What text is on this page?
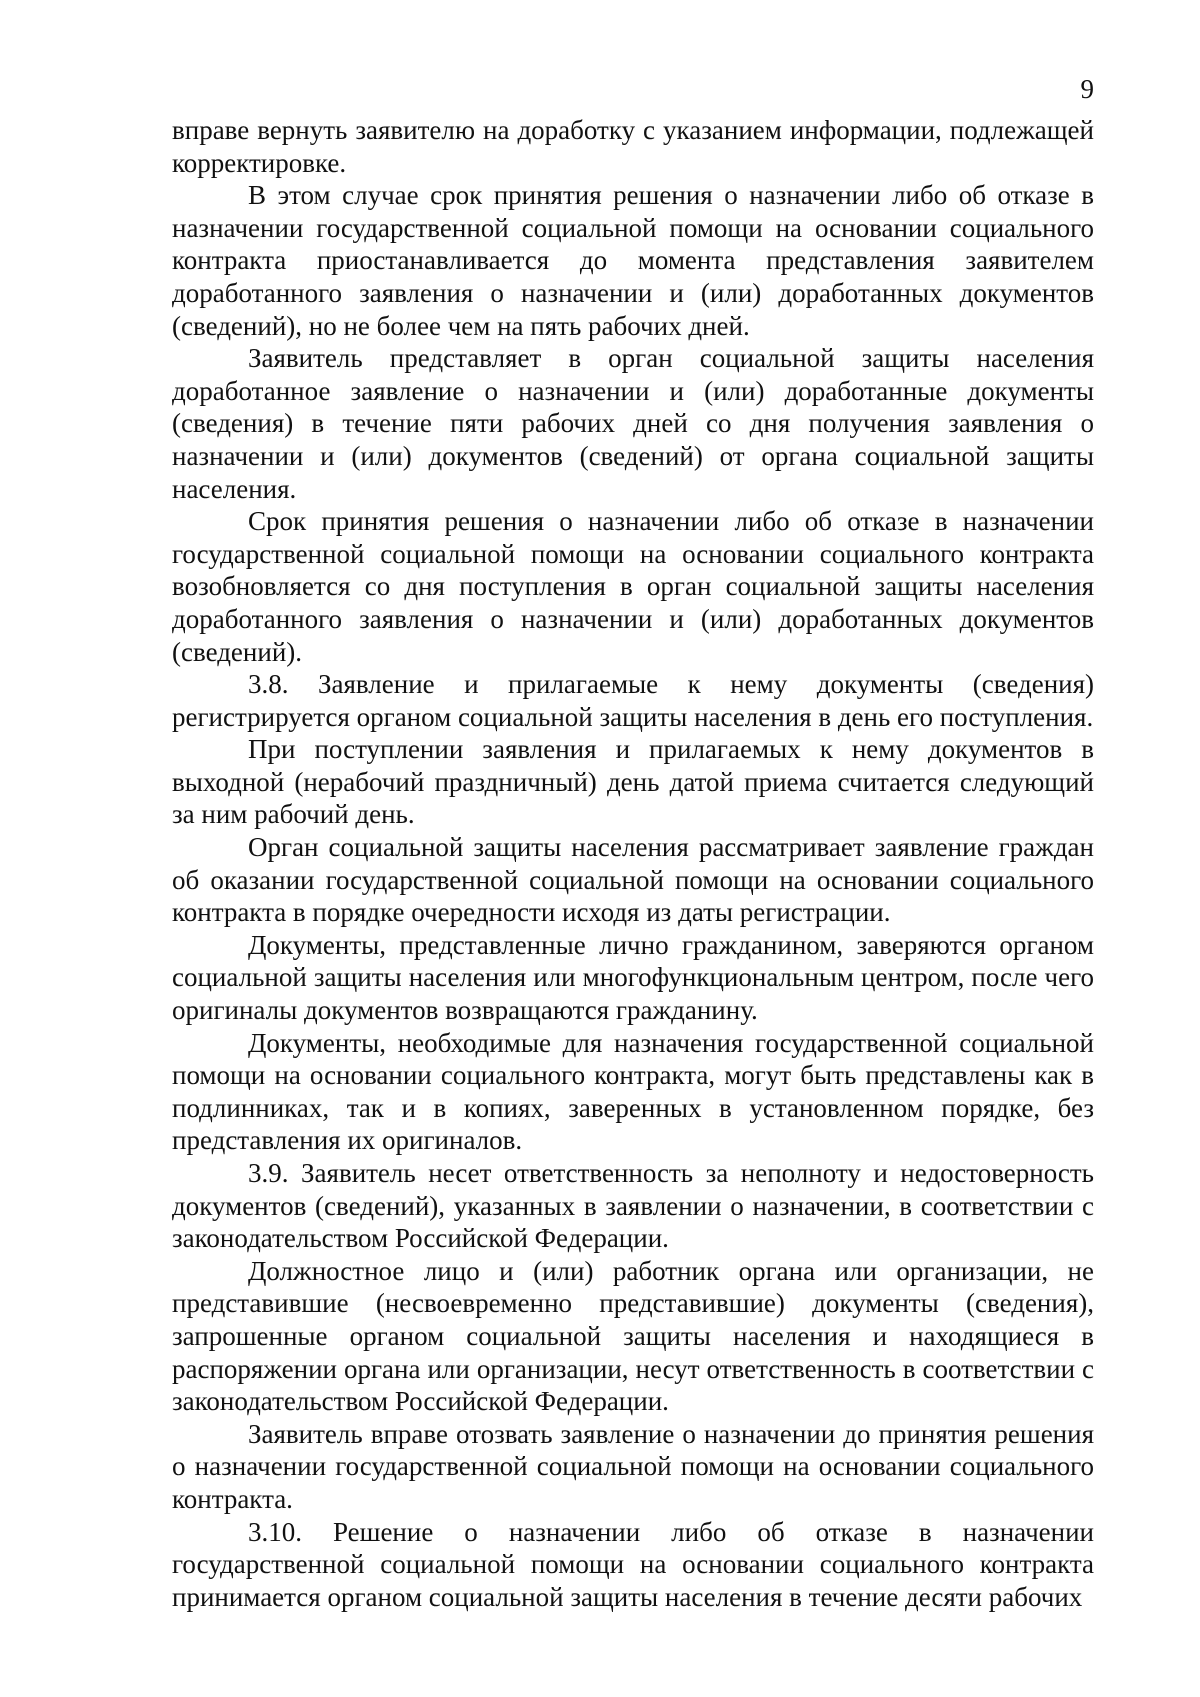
9

вправе вернуть заявителю на доработку с указанием информации, подлежащей корректировке.

В этом случае срок принятия решения о назначении либо об отказе в назначении государственной социальной помощи на основании социального контракта приостанавливается до момента представления заявителем доработанного заявления о назначении и (или) доработанных документов (сведений), но не более чем на пять рабочих дней.

Заявитель представляет в орган социальной защиты населения доработанное заявление о назначении и (или) доработанные документы (сведения) в течение пяти рабочих дней со дня получения заявления о назначении и (или) документов (сведений) от органа социальной защиты населения.

Срок принятия решения о назначении либо об отказе в назначении государственной социальной помощи на основании социального контракта возобновляется со дня поступления в орган социальной защиты населения доработанного заявления о назначении и (или) доработанных документов (сведений).

3.8. Заявление и прилагаемые к нему документы (сведения) регистрируется органом социальной защиты населения в день его поступления.

При поступлении заявления и прилагаемых к нему документов в выходной (нерабочий праздничный) день датой приема считается следующий за ним рабочий день.

Орган социальной защиты населения рассматривает заявление граждан об оказании государственной социальной помощи на основании социального контракта в порядке очередности исходя из даты регистрации.

Документы, представленные лично гражданином, заверяются органом социальной защиты населения или многофункциональным центром, после чего оригиналы документов возвращаются гражданину.

Документы, необходимые для назначения государственной социальной помощи на основании социального контракта, могут быть представлены как в подлинниках, так и в копиях, заверенных в установленном порядке, без представления их оригиналов.

3.9. Заявитель несет ответственность за неполноту и недостоверность документов (сведений), указанных в заявлении о назначении, в соответствии с законодательством Российской Федерации.

Должностное лицо и (или) работник органа или организации, не представившие (несвоевременно представившие) документы (сведения), запрошенные органом социальной защиты населения и находящиеся в распоряжении органа или организации, несут ответственность в соответствии с законодательством Российской Федерации.

Заявитель вправе отозвать заявление о назначении до принятия решения о назначении государственной социальной помощи на основании социального контракта.

3.10. Решение о назначении либо об отказе в назначении государственной социальной помощи на основании социального контракта принимается органом социальной защиты населения в течение десяти рабочих
